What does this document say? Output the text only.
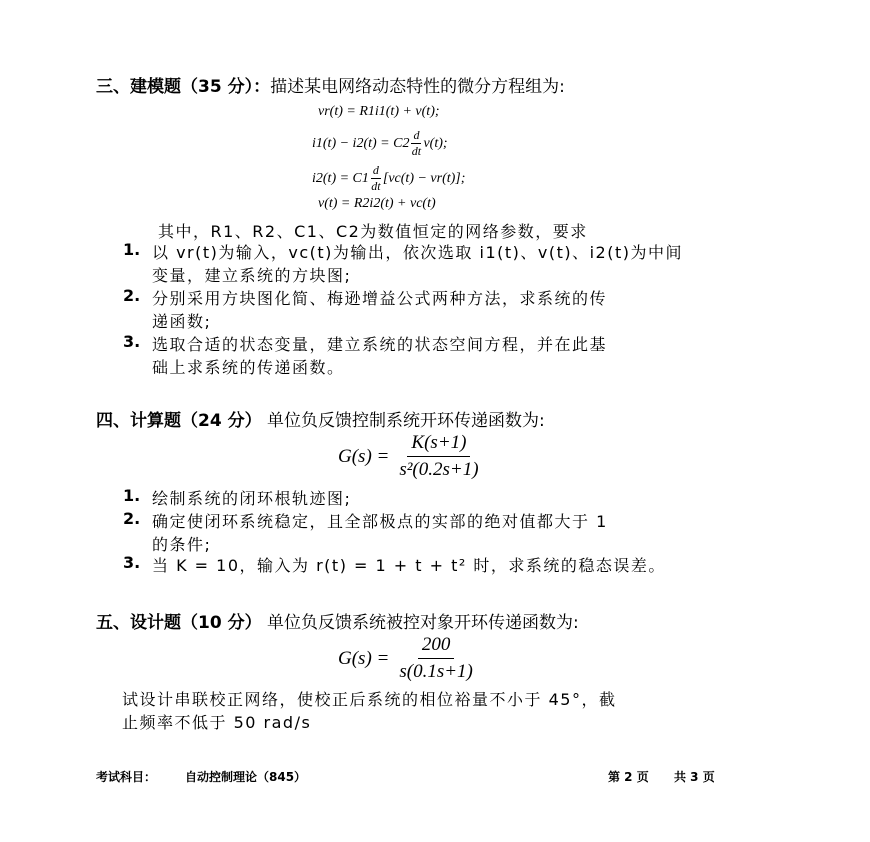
三、建模题（35 分）：描述某电网络动态特性的微分方程组为:
vr(t) = R1i1(t) + v(t);
$i1(t) - i2(t) = C2 \frac{d}{dt} v(t)$;
$i2(t) = C1 \frac{d}{dt} [vc(t) - vr(t)]$;
v(t) = R2i2(t) + vc(t)
其中，R1、R2、C1、C2为数值恒定的网络参数，要求
1. 以 vr(t)为输入，vc(t)为输出，依次选取 i1(t)、v(t)、i2(t)为中间
变量，建立系统的方块图;
2. 分别采用方块图化简、梅逊增益公式两种方法，求系统的传
递函数;
3. 选取合适的状态变量，建立系统的状态空间方程，并在此基
础上求系统的传递函数。
四、计算题（24 分） 单位负反馈控制系统开环传递函数为:
$G(s) = \frac{K(s+1)}{\text{s²(0.2s+1)}}$
1. 绘制系统的闭环根轨迹图;
2. 确定使闭环系统稳定，且全部极点的实部的绝对值都大于 1
的条件;
3. 当 K = 10，输入为 r(t) = 1 + t + t² 时，求系统的稳态误差。
五、设计题（10 分） 单位负反馈系统被控对象开环传递函数为:
$G(s) = \frac{200}{s(0.1s+1)}$
试设计串联校正网络，使校正后系统的相位裕量不小于 45°，截
止频率不低于 50 rad/s
考试科目： 自动控制理论（845）	第 2 页 共 3 页
